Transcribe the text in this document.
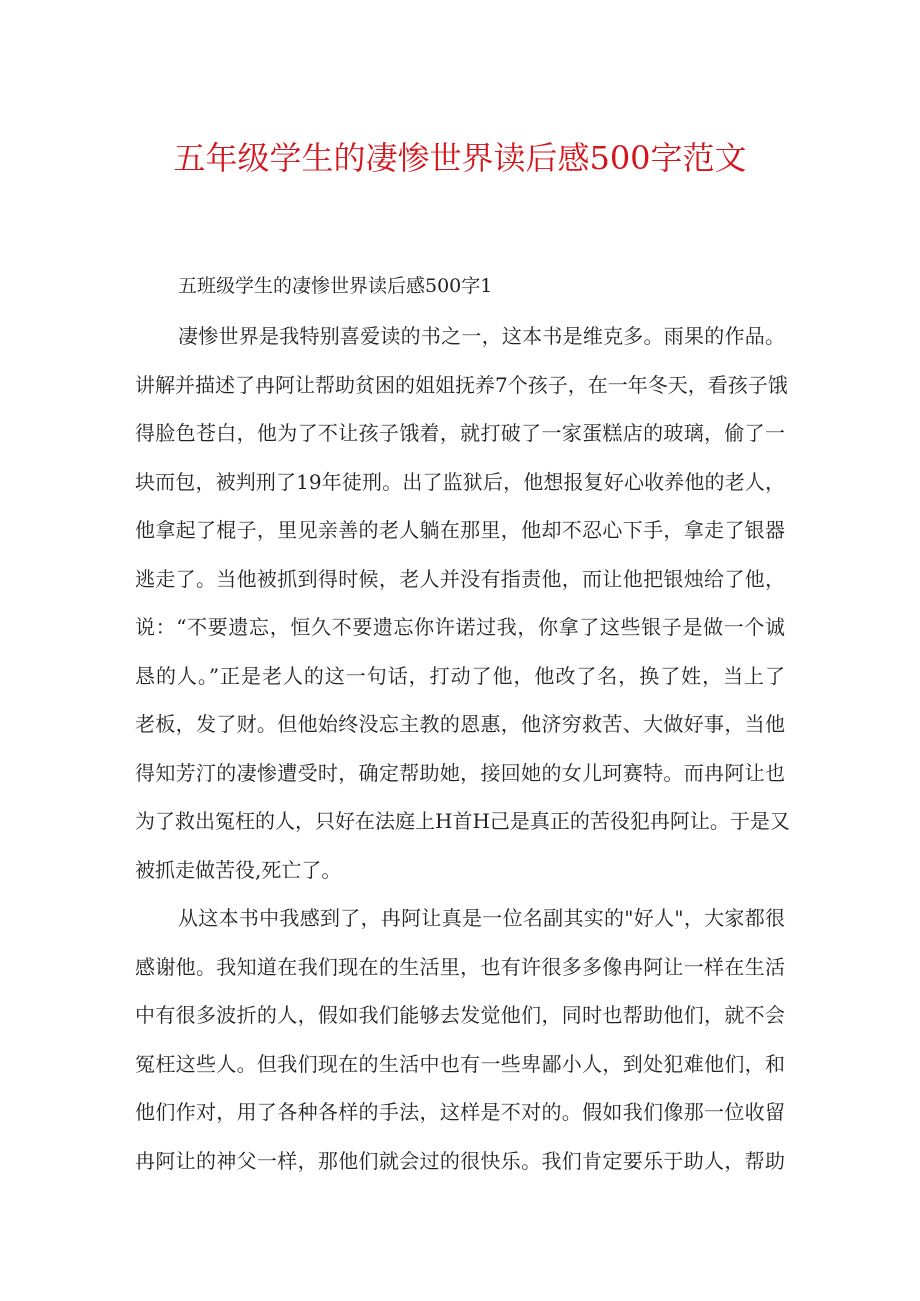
五年级学生的凄惨世界读后感500字范文

五班级学生的凄惨世界读后感500字1

凄惨世界是我特别喜爱读的书之一，这本书是维克多。雨果的作品。
讲解并描述了冉阿让帮助贫困的姐姐抚养7个孩子，在一年冬天，看孩子饿
得脸色苍白，他为了不让孩子饿着，就打破了一家蛋糕店的玻璃，偷了一
块而包，被判刑了19年徒刑。出了监狱后，他想报复好心收养他的老人，
他拿起了棍子，里见亲善的老人躺在那里，他却不忍心下手，拿走了银器
逃走了。当他被抓到得时候，老人并没有指责他，而让他把银烛给了他，
说：“不要遗忘，恒久不要遗忘你许诺过我，你拿了这些银子是做一个诚
恳的人。”正是老人的这一句话，打动了他，他改了名，换了姓，当上了
老板，发了财。但他始终没忘主教的恩惠，他济穷救苦、大做好事，当他
得知芳汀的凄惨遭受时，确定帮助她，接回她的女儿珂赛特。而冉阿让也
为了救出冤枉的人，只好在法庭上H首H己是真正的苦役犯冉阿让。于是又
被抓走做苦役,死亡了。
从这本书中我感到了，冉阿让真是一位名副其实的"好人"，大家都很
感谢他。我知道在我们现在的生活里，也有许很多多像冉阿让一样在生活
中有很多波折的人，假如我们能够去发觉他们，同时也帮助他们，就不会
冤枉这些人。但我们现在的生活中也有一些卑鄙小人，到处犯难他们，和
他们作对，用了各种各样的手法，这样是不对的。假如我们像那一位收留
冉阿让的神父一样，那他们就会过的很快乐。我们肯定要乐于助人，帮助
